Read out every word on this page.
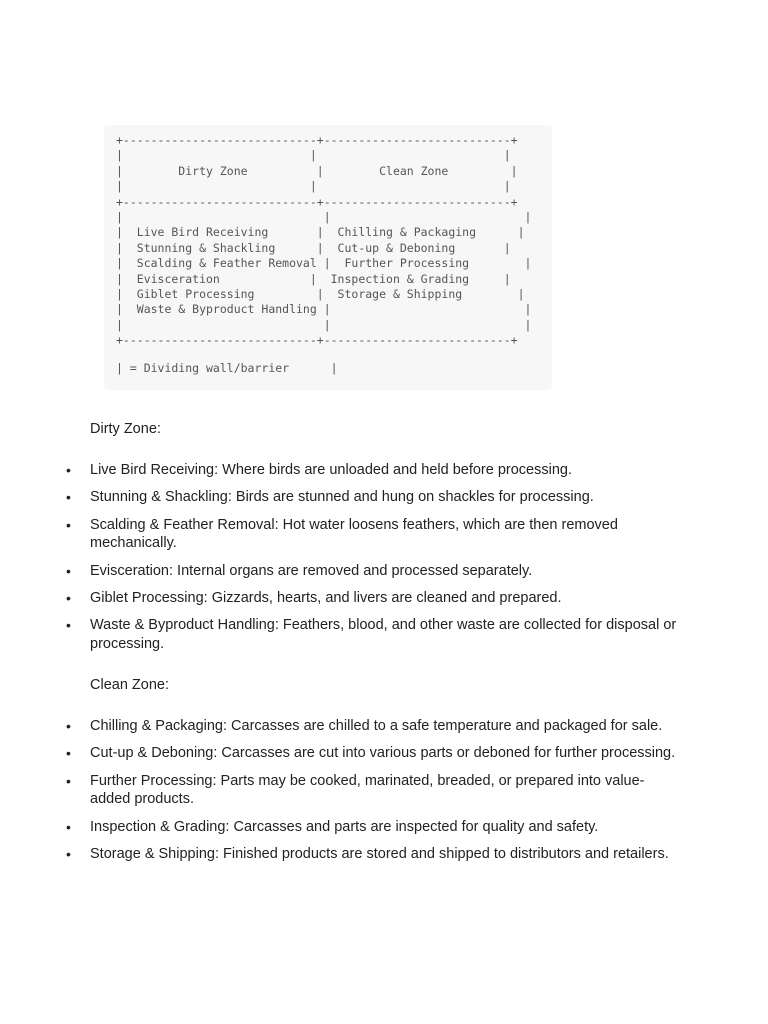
+----------------------------+---------------------------+
|                           |                           |
|        Dirty Zone          |        Clean Zone         |
|                           |                           |
+----------------------------+---------------------------+
|                             |                            |
|  Live Bird Receiving       |  Chilling & Packaging      |
|  Stunning & Shackling      |  Cut-up & Deboning       |
|  Scalding & Feather Removal |  Further Processing        |
|  Evisceration             |  Inspection & Grading     |
|  Giblet Processing         |  Storage & Shipping        |
|  Waste & Byproduct Handling |                            |
|                             |                            |
+----------------------------+---------------------------+
| = Dividing wall/barrier      |
Dirty Zone:
• Live Bird Receiving: Where birds are unloaded and held before processing.
• Stunning & Shackling: Birds are stunned and hung on shackles for processing.
• Scalding & Feather Removal: Hot water loosens feathers, which are then removed mechanically.
• Evisceration: Internal organs are removed and processed separately.
• Giblet Processing: Gizzards, hearts, and livers are cleaned and prepared.
• Waste & Byproduct Handling: Feathers, blood, and other waste are collected for disposal or processing.
Clean Zone:
• Chilling & Packaging: Carcasses are chilled to a safe temperature and packaged for sale.
• Cut-up & Deboning: Carcasses are cut into various parts or deboned for further processing.
• Further Processing: Parts may be cooked, marinated, breaded, or prepared into value-added products.
• Inspection & Grading: Carcasses and parts are inspected for quality and safety.
• Storage & Shipping: Finished products are stored and shipped to distributors and retailers.
